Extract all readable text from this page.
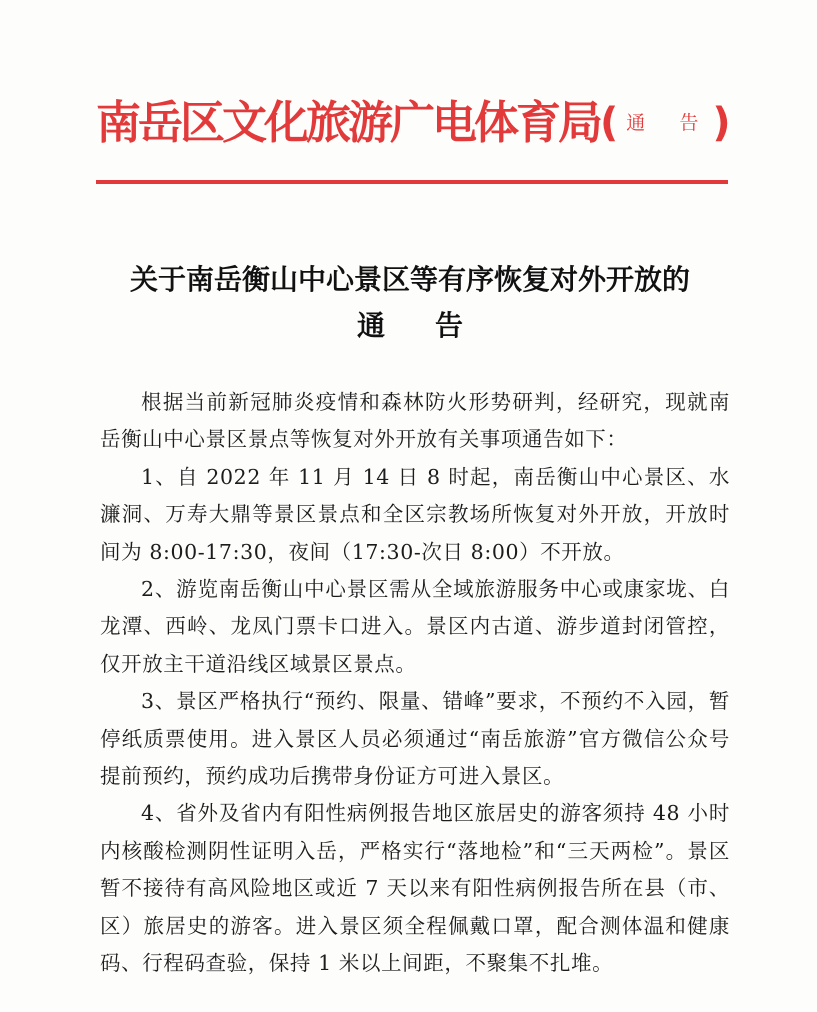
南岳区文化旅游广电体育局( 通 告)
关于南岳衡山中心景区等有序恢复对外开放的
通告

根据当前新冠肺炎疫情和森林防火形势研判，经研究，现就南岳衡山中心景区景点等恢复对外开放有关事项通告如下：

1、自 2022 年 11 月 14 日 8 时起，南岳衡山中心景区、水濂洞、万寿大鼎等景区景点和全区宗教场所恢复对外开放，开放时间为 8:00-17:30，夜间（17:30-次日 8:00）不开放。

2、游览南岳衡山中心景区需从全域旅游服务中心或康家垅、白龙潭、西岭、龙凤门票卡口进入。景区内古道、游步道封闭管控，仅开放主干道沿线区域景区景点。

3、景区严格执行“预约、限量、错峰”要求，不预约不入园，暂停纸质票使用。进入景区人员必须通过“南岳旅游”官方微信公众号提前预约，预约成功后携带身份证方可进入景区。

4、省外及省内有阳性病例报告地区旅居史的游客须持 48 小时内核酸检测阴性证明入岳，严格实行“落地检”和“三天两检”。景区暂不接待有高风险地区或近 7 天以来有阳性病例报告所在县（市、区）旅居史的游客。进入景区须全程佩戴口罩，配合测体温和健康码、行程码查验，保持 1 米以上间距，不聚集不扎堆。
